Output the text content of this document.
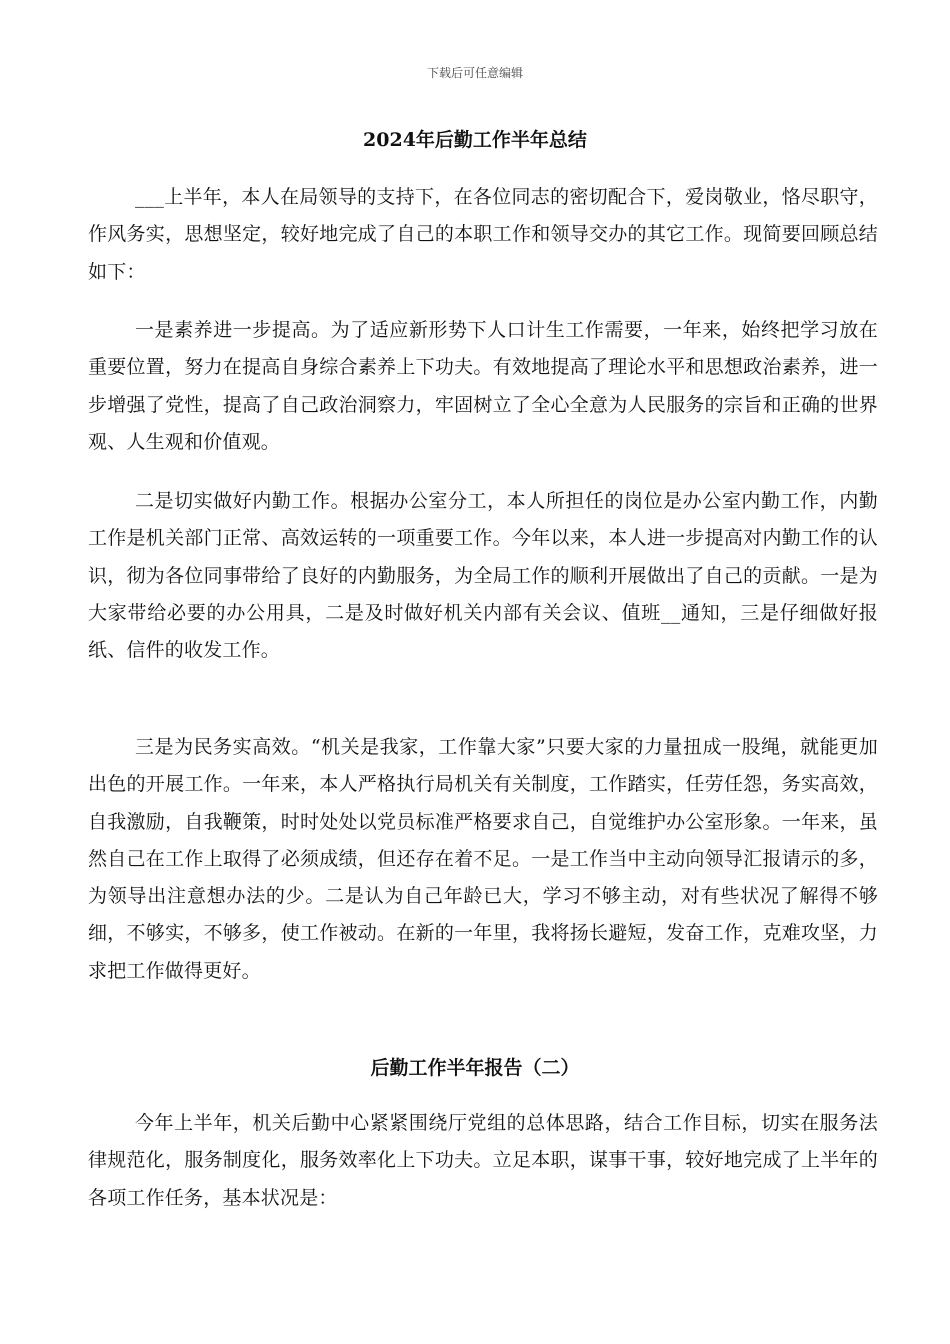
下载后可任意编辑
2024年后勤工作半年总结
___上半年，本人在局领导的支持下，在各位同志的密切配合下，爱岗敬业，恪尽职守，作风务实，思想坚定，较好地完成了自己的本职工作和领导交办的其它工作。现简要回顾总结如下：
一是素养进一步提高。为了适应新形势下人口计生工作需要，一年来，始终把学习放在重要位置，努力在提高自身综合素养上下功夫。有效地提高了理论水平和思想政治素养，进一步增强了党性，提高了自己政治洞察力，牢固树立了全心全意为人民服务的宗旨和正确的世界观、人生观和价值观。
二是切实做好内勤工作。根据办公室分工，本人所担任的岗位是办公室内勤工作，内勤工作是机关部门正常、高效运转的一项重要工作。今年以来，本人进一步提高对内勤工作的认识，彻为各位同事带给了良好的内勤服务，为全局工作的顺利开展做出了自己的贡献。一是为大家带给必要的办公用具，二是及时做好机关内部有关会议、值班__通知，三是仔细做好报纸、信件的收发工作。
三是为民务实高效。“机关是我家，工作靠大家”只要大家的力量扭成一股绳，就能更加出色的开展工作。一年来，本人严格执行局机关有关制度，工作踏实，任劳任怨，务实高效，自我激励，自我鞭策，时时处处以党员标准严格要求自己，自觉维护办公室形象。一年来，虽然自己在工作上取得了必须成绩，但还存在着不足。一是工作当中主动向领导汇报请示的多，为领导出注意想办法的少。二是认为自己年龄已大，学习不够主动，对有些状况了解得不够细，不够实，不够多，使工作被动。在新的一年里，我将扬长避短，发奋工作，克难攻坚，力求把工作做得更好。
后勤工作半年报告（二）
今年上半年，机关后勤中心紧紧围绕厅党组的总体思路，结合工作目标，切实在服务法律规范化，服务制度化，服务效率化上下功夫。立足本职，谋事干事，较好地完成了上半年的各项工作任务，基本状况是：
